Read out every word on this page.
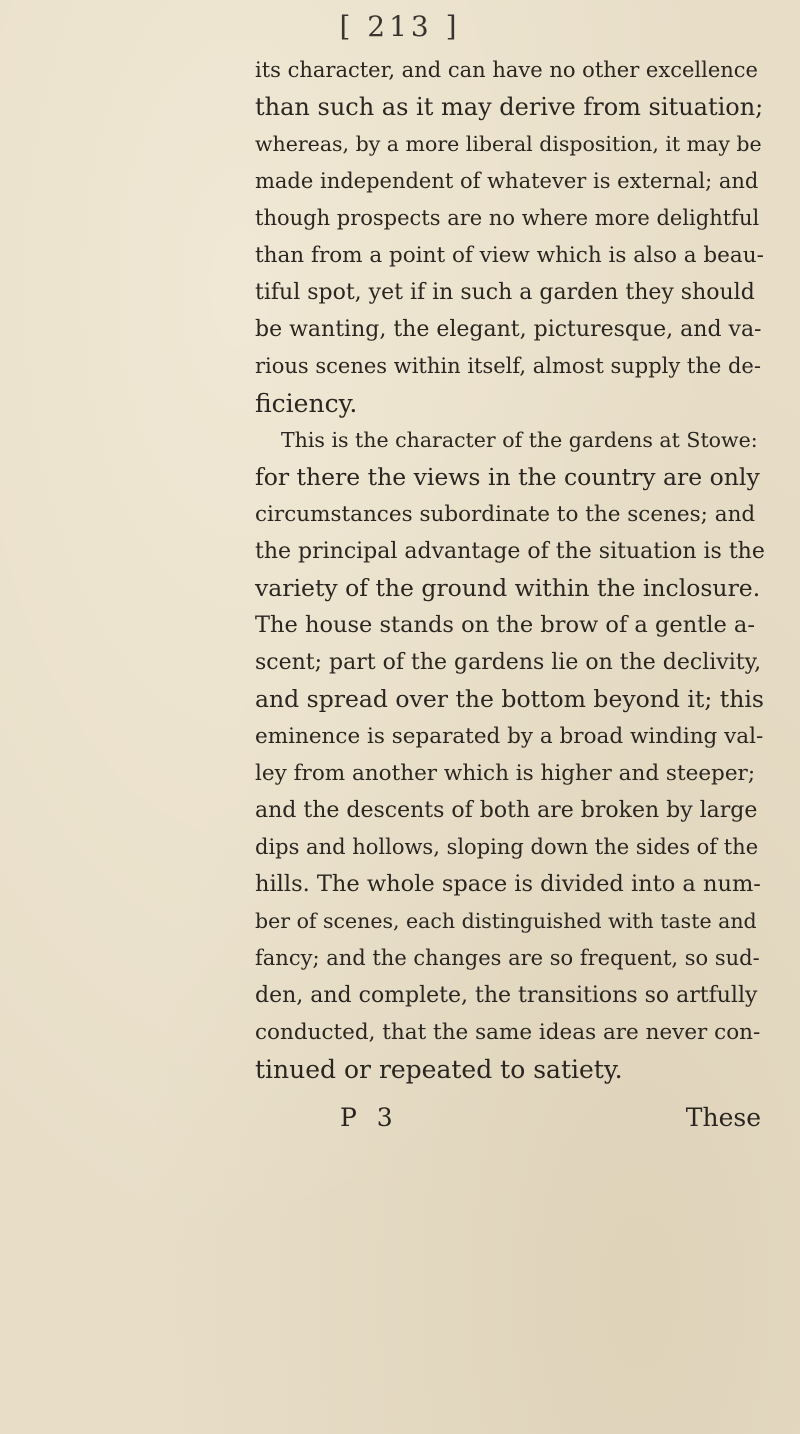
[ 213 ]
its character, and can have no other excellence
than such as it may derive from situation;
whereas, by a more liberal disposition, it may be
made independent of whatever is external; and
though prospects are no where more delightful
than from a point of view which is also a beau-
tiful spot, yet if in such a garden they should
be wanting, the elegant, picturesque, and va-
rious scenes within itself, almost supply the de-
ficiency.
This is the character of the gardens at Stowe:
for there the views in the country are only
circumstances subordinate to the scenes; and
the principal advantage of the situation is the
variety of the ground within the inclosure.
The house stands on the brow of a gentle a-
scent; part of the gardens lie on the declivity,
and spread over the bottom beyond it; this
eminence is separated by a broad winding val-
ley from another which is higher and steeper;
and the descents of both are broken by large
dips and hollows, sloping down the sides of the
hills. The whole space is divided into a num-
ber of scenes, each distinguished with taste and
fancy; and the changes are so frequent, so sud-
den, and complete, the transitions so artfully
conducted, that the same ideas are never con-
tinued or repeated to satiety.
P 3	These
